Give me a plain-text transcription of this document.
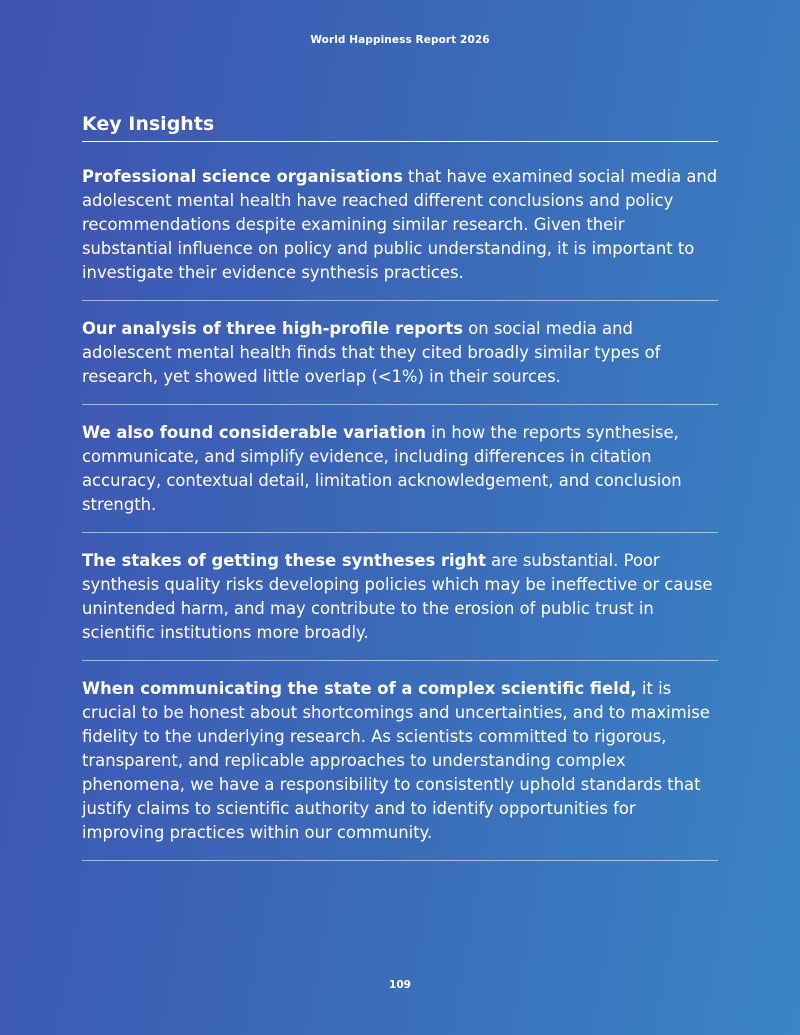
World Happiness Report 2026
Key Insights

Professional science organisations that have examined social media and adolescent mental health have reached different conclusions and policy recommendations despite examining similar research. Given their substantial influence on policy and public understanding, it is important to investigate their evidence synthesis practices.

Our analysis of three high-profile reports on social media and adolescent mental health finds that they cited broadly similar types of research, yet showed little overlap (<1%) in their sources.

We also found considerable variation in how the reports synthesise, communicate, and simplify evidence, including differences in citation accuracy, contextual detail, limitation acknowledgement, and conclusion strength.

The stakes of getting these syntheses right are substantial. Poor synthesis quality risks developing policies which may be ineffective or cause unintended harm, and may contribute to the erosion of public trust in scientific institutions more broadly.

When communicating the state of a complex scientific field, it is crucial to be honest about shortcomings and uncertainties, and to maximise fidelity to the underlying research. As scientists committed to rigorous, transparent, and replicable approaches to understanding complex phenomena, we have a responsibility to consistently uphold standards that justify claims to scientific authority and to identify opportunities for improving practices within our community.

109
